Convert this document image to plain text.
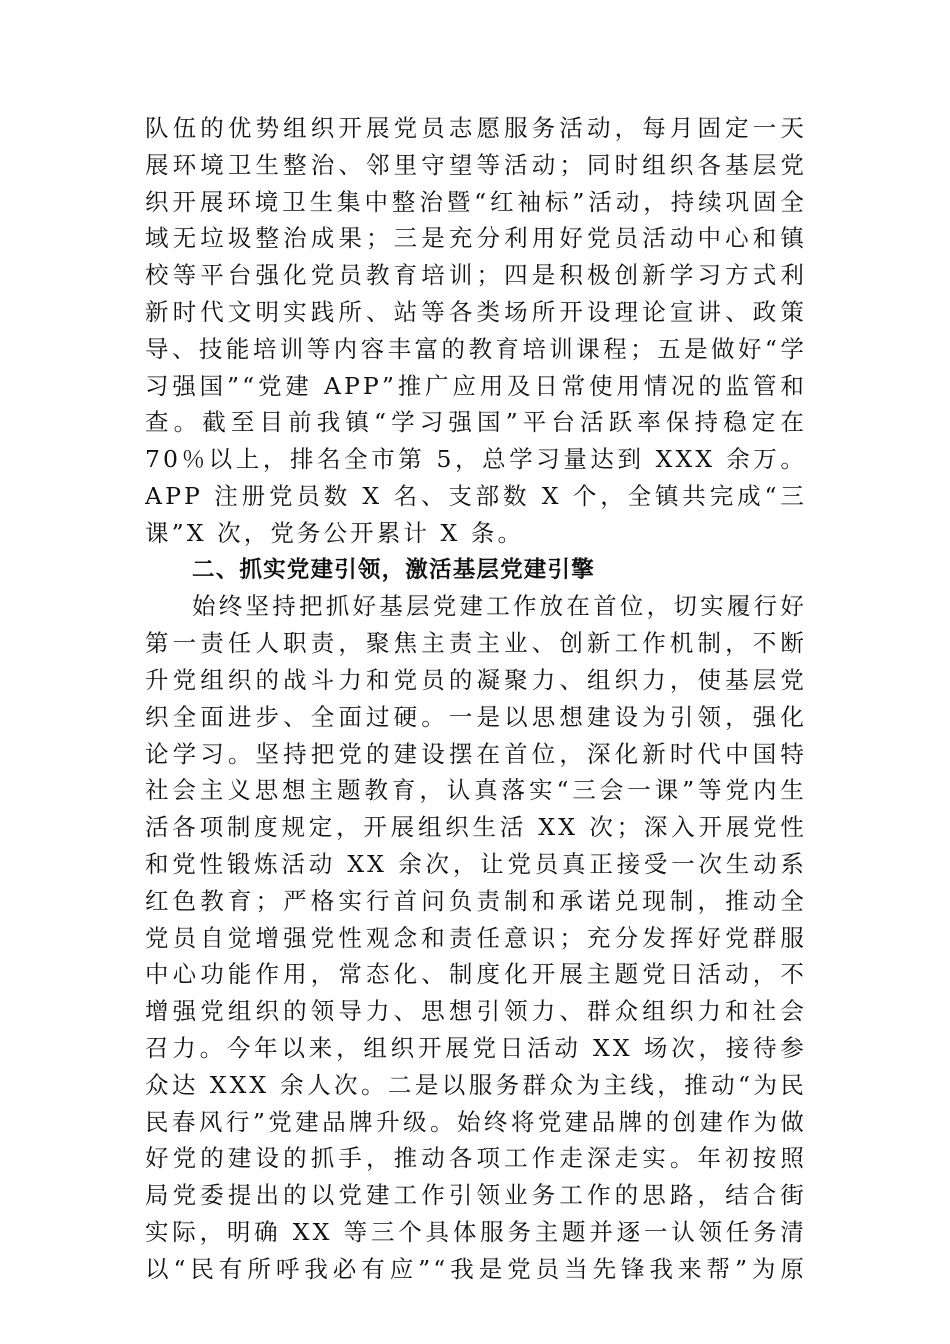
队伍的优势组织开展党员志愿服务活动，每月固定一天
展环境卫生整治、邻里守望等活动；同时组织各基层党
织开展环境卫生集中整治暨“红袖标”活动，持续巩固全
域无垃圾整治成果；三是充分利用好党员活动中心和镇
校等平台强化党员教育培训；四是积极创新学习方式利
新时代文明实践所、站等各类场所开设理论宣讲、政策
导、技能培训等内容丰富的教育培训课程；五是做好“学
习强国”“党建 APP”推广应用及日常使用情况的监管和
查。截至目前我镇“学习强国”平台活跃率保持稳定在
70％以上，排名全市第 5，总学习量达到 XXX 余万。
APP 注册党员数 X 名、支部数 X 个，全镇共完成“三
课”X 次，党务公开累计 X 条。
二、抓实党建引领，激活基层党建引擎
始终坚持把抓好基层党建工作放在首位，切实履行好
第一责任人职责，聚焦主责主业、创新工作机制，不断
升党组织的战斗力和党员的凝聚力、组织力，使基层党
织全面进步、全面过硬。一是以思想建设为引领，强化
论学习。坚持把党的建设摆在首位，深化新时代中国特
社会主义思想主题教育，认真落实“三会一课”等党内生
活各项制度规定，开展组织生活 XX 次；深入开展党性
和党性锻炼活动 XX 余次，让党员真正接受一次生动系
红色教育；严格实行首问负责制和承诺兑现制，推动全
党员自觉增强党性观念和责任意识；充分发挥好党群服
中心功能作用，常态化、制度化开展主题党日活动，不
增强党组织的领导力、思想引领力、群众组织力和社会
召力。今年以来，组织开展党日活动 XX 场次，接待参
众达 XXX 余人次。二是以服务群众为主线，推动“为民
民春风行”党建品牌升级。始终将党建品牌的创建作为做
好党的建设的抓手，推动各项工作走深走实。年初按照
局党委提出的以党建工作引领业务工作的思路，结合街
实际，明确 XX 等三个具体服务主题并逐一认领任务清
以“民有所呼我必有应”“我是党员当先锋我来帮”为原
